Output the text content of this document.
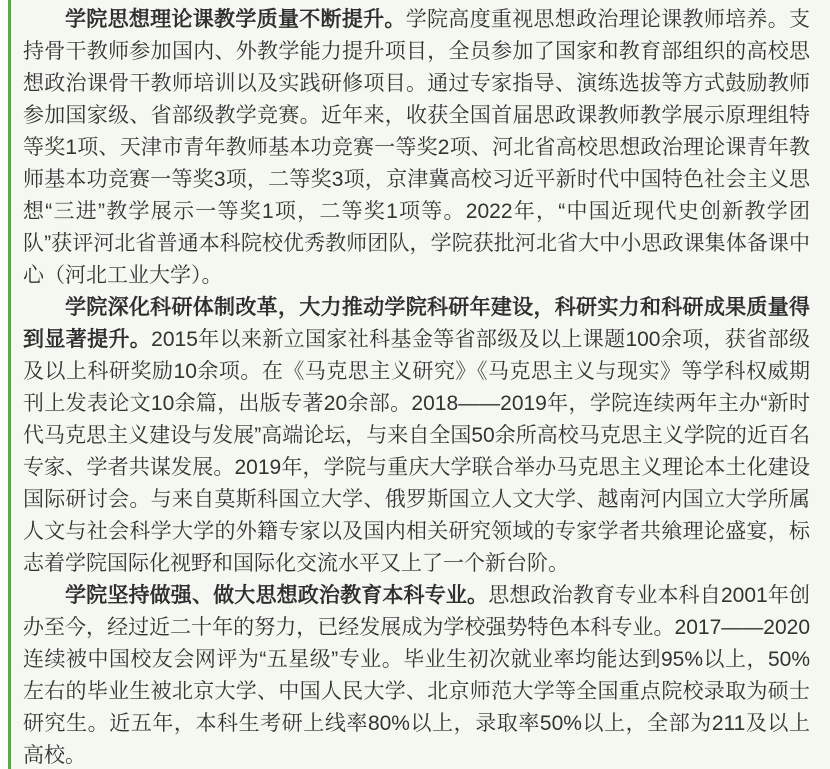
学院思想理论课教学质量不断提升。学院高度重视思想政治理论课教师培养。支持骨干教师参加国内、外教学能力提升项目，全员参加了国家和教育部组织的高校思想政治课骨干教师培训以及实践研修项目。通过专家指导、演练选拔等方式鼓励教师参加国家级、省部级教学竞赛。近年来，收获全国首届思政课教师教学展示原理组特等奖1项、天津市青年教师基本功竞赛一等奖2项、河北省高校思想政治理论课青年教师基本功竞赛一等奖3项，二等奖3项，京津冀高校习近平新时代中国特色社会主义思想“三进”教学展示一等奖1项，二等奖1项等。2022年，“中国近现代史创新教学团队”获评河北省普通本科院校优秀教师团队，学院获批河北省大中小思政课集体备课中心（河北工业大学）。

学院深化科研体制改革，大力推动学院科研年建设，科研实力和科研成果质量得到显著提升。2015年以来新立国家社科基金等省部级及以上课题100余项，获省部级及以上科研奖励10余项。在《马克思主义研究》《马克思主义与现实》等学科权威期刊上发表论文10余篇，出版专著20余部。2018——2019年，学院连续两年主办“新时代马克思主义建设与发展”高端论坛，与来自全国50余所高校马克思主义学院的近百名专家、学者共谋发展。2019年，学院与重庆大学联合举办马克思主义理论本土化建设国际研讨会。与来自莫斯科国立大学、俄罗斯国立人文大学、越南河内国立大学所属人文与社会科学大学的外籍专家以及国内相关研究领域的专家学者共飨理论盛宴，标志着学院国际化视野和国际化交流水平又上了一个新台阶。

学院坚持做强、做大思想政治教育本科专业。思想政治教育专业本科自2001年创办至今，经过近二十年的努力，已经发展成为学校强势特色本科专业。2017——2020连续被中国校友会网评为“五星级”专业。毕业生初次就业率均能达到95%以上，50%左右的毕业生被北京大学、中国人民大学、北京师范大学等全国重点院校录取为硕士研究生。近五年，本科生考研上线率80%以上，录取率50%以上，全部为211及以上高校。
